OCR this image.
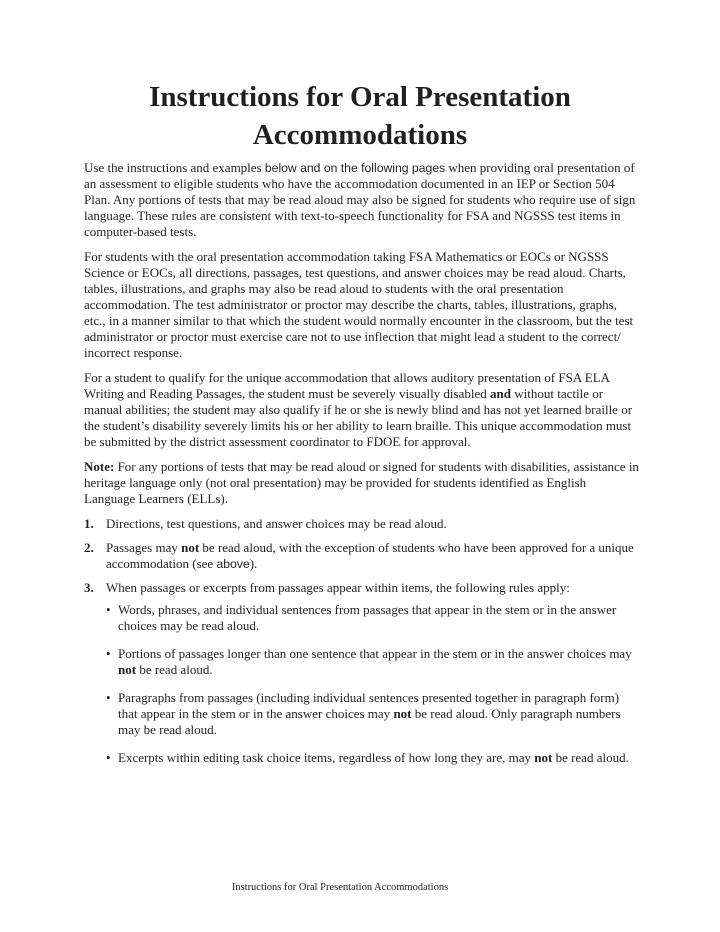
Instructions for Oral Presentation
Accommodations

Use the instructions and examples below and on the following pages when providing oral presentation of an assessment to eligible students who have the accommodation documented in an IEP or Section 504 Plan. Any portions of tests that may be read aloud may also be signed for students who require use of sign language. These rules are consistent with text-to-speech functionality for FSA and NGSSS test items in computer-based tests.

For students with the oral presentation accommodation taking FSA Mathematics or EOCs or NGSSS Science or EOCs, all directions, passages, test questions, and answer choices may be read aloud. Charts, tables, illustrations, and graphs may also be read aloud to students with the oral presentation accommodation. The test administrator or proctor may describe the charts, tables, illustrations, graphs, etc., in a manner similar to that which the student would normally encounter in the classroom, but the test administrator or proctor must exercise care not to use inflection that might lead a student to the correct/ incorrect response.

For a student to qualify for the unique accommodation that allows auditory presentation of FSA ELA Writing and Reading Passages, the student must be severely visually disabled and without tactile or manual abilities; the student may also qualify if he or she is newly blind and has not yet learned braille or the student’s disability severely limits his or her ability to learn braille. This unique accommodation must be submitted by the district assessment coordinator to FDOE for approval.

Note: For any portions of tests that may be read aloud or signed for students with disabilities, assistance in heritage language only (not oral presentation) may be provided for students identified as English Language Learners (ELLs).

1. Directions, test questions, and answer choices may be read aloud.
2. Passages may not be read aloud, with the exception of students who have been approved for a unique accommodation (see above).
3. When passages or excerpts from passages appear within items, the following rules apply:
• Words, phrases, and individual sentences from passages that appear in the stem or in the answer choices may be read aloud.
• Portions of passages longer than one sentence that appear in the stem or in the answer choices may not be read aloud.
• Paragraphs from passages (including individual sentences presented together in paragraph form) that appear in the stem or in the answer choices may not be read aloud. Only paragraph numbers may be read aloud.
• Excerpts within editing task choice items, regardless of how long they are, may not be read aloud.
Instructions for Oral Presentation Accommodations
